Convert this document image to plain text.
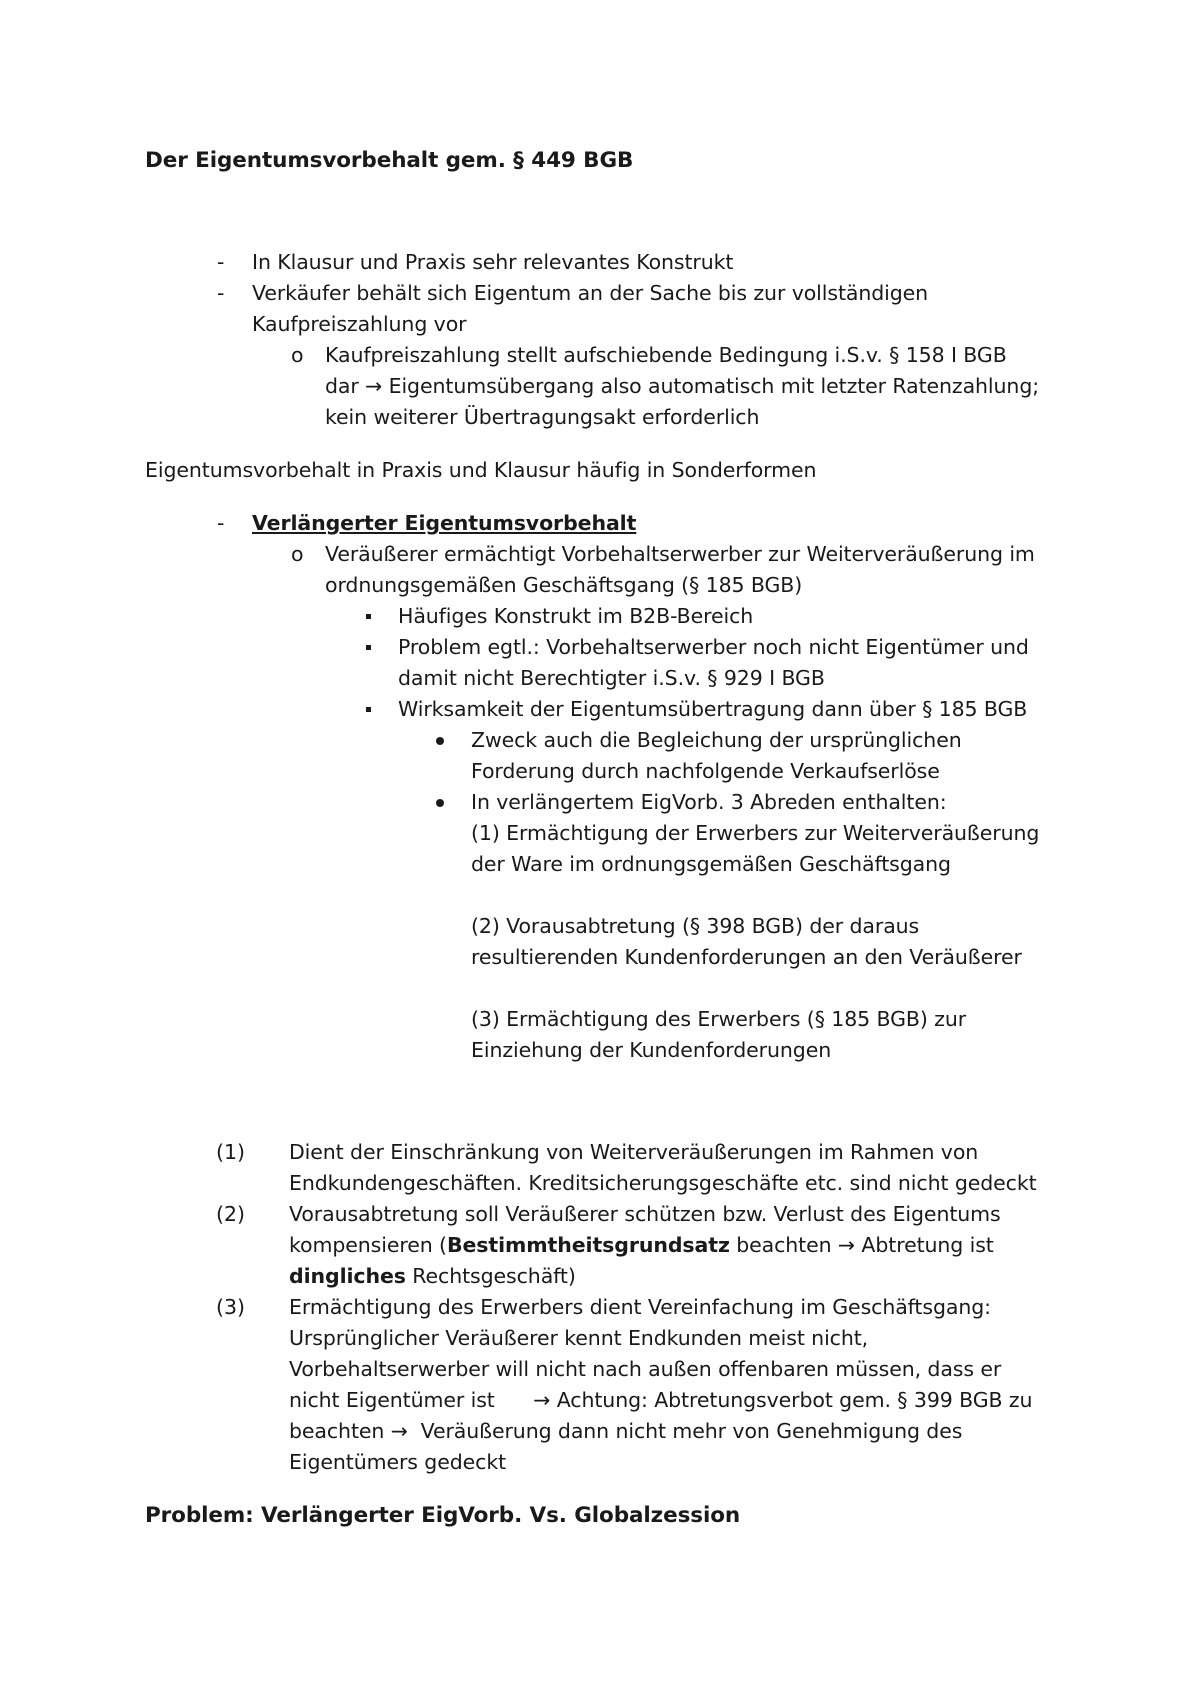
Der Eigentumsvorbehalt gem. § 449 BGB
- In Klausur und Praxis sehr relevantes Konstrukt
- Verkäufer behält sich Eigentum an der Sache bis zur vollständigen
Kaufpreiszahlung vor
o Kaufpreiszahlung stellt aufschiebende Bedingung i.S.v. § 158 I BGB
dar → Eigentumsübergang also automatisch mit letzter Ratenzahlung;
kein weiterer Übertragungsakt erforderlich
Eigentumsvorbehalt in Praxis und Klausur häufig in Sonderformen
- Verlängerter Eigentumsvorbehalt
o Veräußerer ermächtigt Vorbehaltserwerber zur Weiterveräußerung im
ordnungsgemäßen Geschäftsgang (§ 185 BGB)
Häufiges Konstrukt im B2B-Bereich
Problem egtl.: Vorbehaltserwerber noch nicht Eigentümer und
damit nicht Berechtigter i.S.v. § 929 I BGB
Wirksamkeit der Eigentumsübertragung dann über § 185 BGB
Zweck auch die Begleichung der ursprünglichen
Forderung durch nachfolgende Verkaufserlöse
In verlängertem EigVorb. 3 Abreden enthalten:
(1) Ermächtigung der Erwerbers zur Weiterveräußerung
der Ware im ordnungsgemäßen Geschäftsgang
(2) Vorausabtretung (§ 398 BGB) der daraus
resultierenden Kundenforderungen an den Veräußerer
(3) Ermächtigung des Erwerbers (§ 185 BGB) zur
Einziehung der Kundenforderungen
(1) Dient der Einschränkung von Weiterveräußerungen im Rahmen von
Endkundengeschäften. Kreditsicherungsgeschäfte etc. sind nicht gedeckt
(2) Vorausabtretung soll Veräußerer schützen bzw. Verlust des Eigentums
kompensieren (Bestimmtheitsgrundsatz beachten → Abtretung ist
dingliches Rechtsgeschäft)
(3) Ermächtigung des Erwerbers dient Vereinfachung im Geschäftsgang:
Ursprünglicher Veräußerer kennt Endkunden meist nicht,
Vorbehaltserwerber will nicht nach außen offenbaren müssen, dass er
nicht Eigentümer ist      → Achtung: Abtretungsverbot gem. § 399 BGB zu
beachten →  Veräußerung dann nicht mehr von Genehmigung des
Eigentümers gedeckt
Problem: Verlängerter EigVorb. Vs. Globalzession
